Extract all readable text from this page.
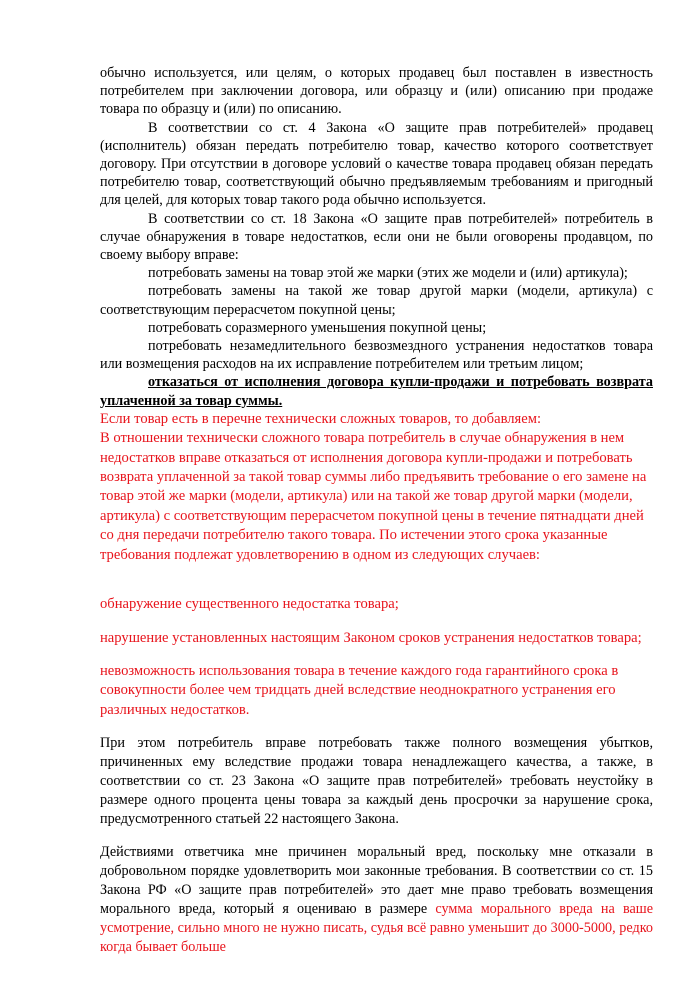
обычно используется, или целям, о которых продавец был поставлен в известность потребителем при заключении договора, или образцу и (или) описанию при продаже товара по образцу и (или) по описанию.

В соответствии со ст. 4 Закона «О защите прав потребителей» продавец (исполнитель) обязан передать потребителю товар, качество которого соответствует договору. При отсутствии в договоре условий о качестве товара продавец обязан передать потребителю товар, соответствующий обычно предъявляемым требованиям и пригодный для целей, для которых товар такого рода обычно используется.

В соответствии со ст. 18 Закона «О защите прав потребителей» потребитель в случае обнаружения в товаре недостатков, если они не были оговорены продавцом, по своему выбору вправе:

потребовать замены на товар этой же марки (этих же модели и (или) артикула);

потребовать замены на такой же товар другой марки (модели, артикула) с соответствующим перерасчетом покупной цены;

потребовать соразмерного уменьшения покупной цены;

потребовать незамедлительного безвозмездного устранения недостатков товара или возмещения расходов на их исправление потребителем или третьим лицом;

отказаться от исполнения договора купли-продажи и потребовать возврата уплаченной за товар суммы.

Если товар есть в перечне технически сложных товаров, то добавляем:

В отношении технически сложного товара потребитель в случае обнаружения в нем недостатков вправе отказаться от исполнения договора купли-продажи и потребовать возврата уплаченной за такой товар суммы либо предъявить требование о его замене на товар этой же марки (модели, артикула) или на такой же товар другой марки (модели, артикула) с соответствующим перерасчетом покупной цены в течение пятнадцати дней со дня передачи потребителю такого товара. По истечении этого срока указанные требования подлежат удовлетворению в одном из следующих случаев:

обнаружение существенного недостатка товара;

нарушение установленных настоящим Законом сроков устранения недостатков товара;

невозможность использования товара в течение каждого года гарантийного срока в совокупности более чем тридцать дней вследствие неоднократного устранения его различных недостатков.

При этом потребитель вправе потребовать также полного возмещения убытков, причиненных ему вследствие продажи товара ненадлежащего качества, а также, в соответствии со ст. 23 Закона «О защите прав потребителей» требовать неустойку в размере одного процента цены товара за каждый день просрочки за нарушение срока, предусмотренного статьей 22 настоящего Закона.

Действиями ответчика мне причинен моральный вред, поскольку мне отказали в добровольном порядке удовлетворить мои законные требования. В соответствии со ст. 15 Закона РФ «О защите прав потребителей» это дает мне право требовать возмещения морального вреда, который я оцениваю в размере сумма морального вреда на ваше усмотрение, сильно много не нужно писать, судья всё равно уменьшит до 3000-5000, редко когда бывает больше
